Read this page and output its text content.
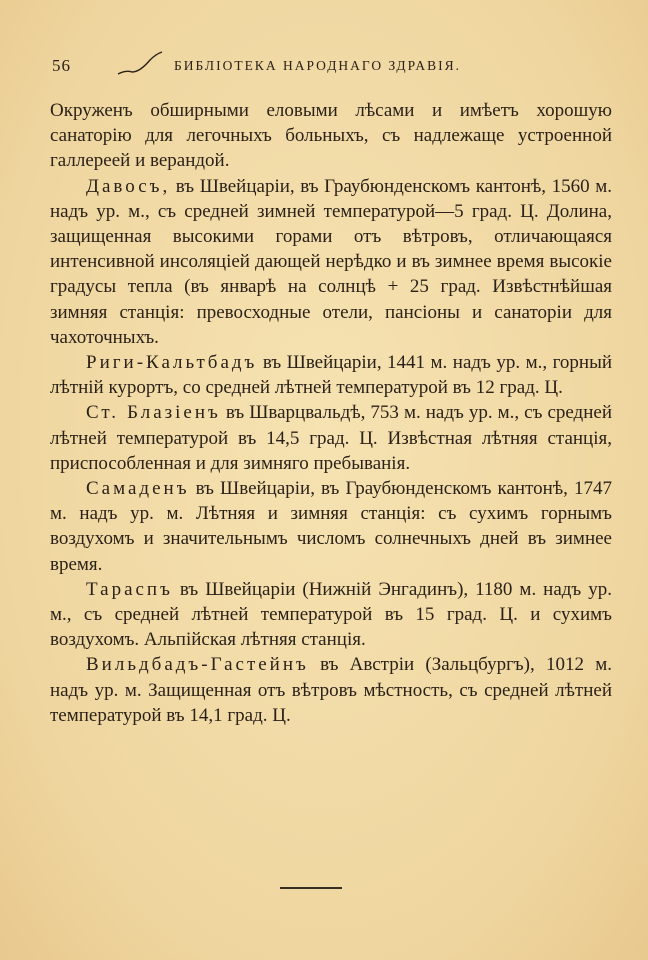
56	БИБЛІОТЕКА НАРОДНАГО ЗДРАВІЯ.

Окруженъ обширными еловыми лѣсами и имѣетъ хорошую санаторію для легочныхъ больныхъ, съ надлежаще устроенной галлереей и верандой.

Давосъ, въ Швейцаріи, въ Граубюнденскомъ кантонѣ, 1560 м. надъ ур. м., съ средней зимней температурой—5 град. Ц. Долина, защищенная высокими горами отъ вѣтровъ, отличающаяся интенсивной инсоляціей дающей нерѣдко и въ зимнее время высокіе градусы тепла (въ январѣ на солнцѣ + 25 град. Извѣстнѣйшая зимняя станція: превосходные отели, пансіоны и санаторіи для чахоточныхъ.

Риги-Кальтбадъ въ Швейцаріи, 1441 м. надъ ур. м., горный лѣтній курортъ, со средней лѣтней температурой въ 12 град. Ц.

Ст. Блазіенъ въ Шварцвальдѣ, 753 м. надъ ур. м., съ средней лѣтней температурой въ 14,5 град. Ц. Извѣстная лѣтняя станція, приспособленная и для зимняго пребыванія.

Самаденъ въ Швейцаріи, въ Граубюнденскомъ кантонѣ, 1747 м. надъ ур. м. Лѣтняя и зимняя станція: съ сухимъ горнымъ воздухомъ и значительнымъ числомъ солнечныхъ дней въ зимнее время.

Тараспъ въ Швейцаріи (Нижній Энгадинъ), 1180 м. надъ ур. м., съ средней лѣтней температурой въ 15 град. Ц. и сухимъ воздухомъ. Альпійская лѣтняя станція.

Вильдбадъ-Гастейнъ въ Австріи (Зальцбургъ), 1012 м. надъ ур. м. Защищенная отъ вѣтровъ мѣстность, съ средней лѣтней температурой въ 14,1 град. Ц.
